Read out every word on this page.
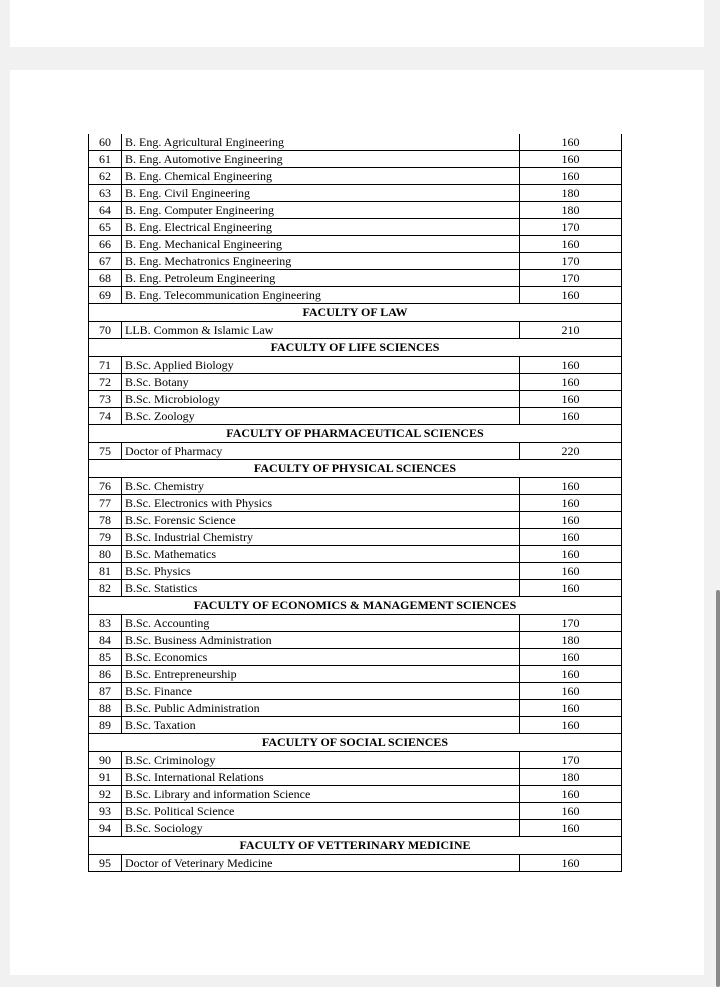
60	B. Eng. Agricultural Engineering	160
61	B. Eng. Automotive Engineering	160
62	B. Eng. Chemical Engineering	160
63	B. Eng. Civil Engineering	180
64	B. Eng. Computer Engineering	180
65	B. Eng. Electrical Engineering	170
66	B. Eng. Mechanical Engineering	160
67	B. Eng. Mechatronics Engineering	170
68	B. Eng. Petroleum Engineering	170
69	B. Eng. Telecommunication Engineering	160
FACULTY OF LAW		
70	LLB. Common & Islamic Law	210
FACULTY OF LIFE SCIENCES		
71	B.Sc. Applied Biology	160
72	B.Sc. Botany	160
73	B.Sc. Microbiology	160
74	B.Sc. Zoology	160
FACULTY OF PHARMACEUTICAL SCIENCES		
75	Doctor of Pharmacy	220
FACULTY OF PHYSICAL SCIENCES		
76	B.Sc. Chemistry	160
77	B.Sc. Electronics with Physics	160
78	B.Sc. Forensic Science	160
79	B.Sc. Industrial Chemistry	160
80	B.Sc. Mathematics	160
81	B.Sc. Physics	160
82	B.Sc. Statistics	160
FACULTY OF ECONOMICS & MANAGEMENT SCIENCES		
83	B.Sc. Accounting	170
84	B.Sc. Business Administration	180
85	B.Sc. Economics	160
86	B.Sc. Entrepreneurship	160
87	B.Sc. Finance	160
88	B.Sc. Public Administration	160
89	B.Sc. Taxation	160
FACULTY OF SOCIAL SCIENCES		
90	B.Sc. Criminology	170
91	B.Sc. International Relations	180
92	B.Sc. Library and information Science	160
93	B.Sc. Political Science	160
94	B.Sc. Sociology	160
FACULTY OF VETTERINARY MEDICINE		
95	Doctor of Veterinary Medicine	160
